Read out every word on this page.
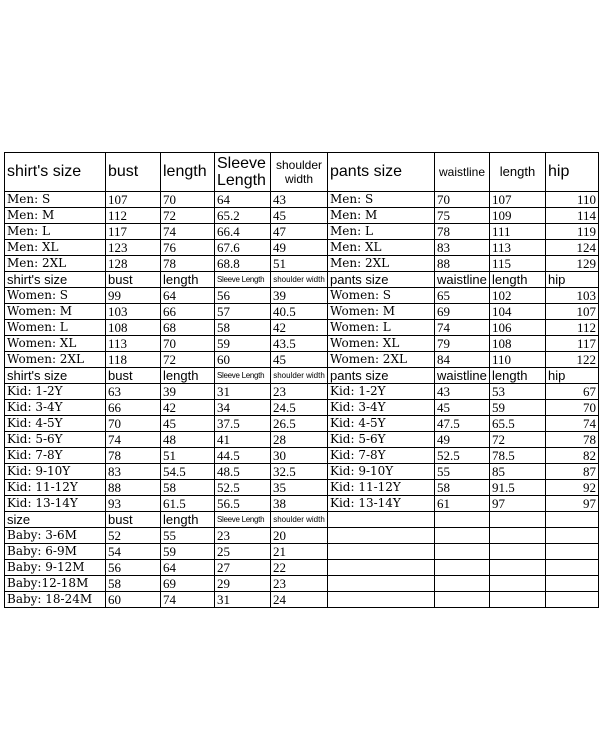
shirt's size	bust	length	Sleeve Length	shoulder width	pants size	waistline	length	hip
Men: S	107	70	64	43	Men: S	70	107	110
Men: M	112	72	65.2	45	Men: M	75	109	114
Men: L	117	74	66.4	47	Men: L	78	111	119
Men: XL	123	76	67.6	49	Men: XL	83	113	124
Men: 2XL	128	78	68.8	51	Men: 2XL	88	115	129
shirt's size	bust	length	Sleeve Length	shoulder width	pants size	waistline	length	hip
Women: S	99	64	56	39	Women: S	65	102	103
Women: M	103	66	57	40.5	Women: M	69	104	107
Women: L	108	68	58	42	Women: L	74	106	112
Women: XL	113	70	59	43.5	Women: XL	79	108	117
Women: 2XL	118	72	60	45	Women: 2XL	84	110	122
shirt's size	bust	length	Sleeve Length	shoulder width	pants size	waistline	length	hip
Kid: 1-2Y	63	39	31	23	Kid: 1-2Y	43	53	67
Kid: 3-4Y	66	42	34	24.5	Kid: 3-4Y	45	59	70
Kid: 4-5Y	70	45	37.5	26.5	Kid: 4-5Y	47.5	65.5	74
Kid: 5-6Y	74	48	41	28	Kid: 5-6Y	49	72	78
Kid: 7-8Y	78	51	44.5	30	Kid: 7-8Y	52.5	78.5	82
Kid: 9-10Y	83	54.5	48.5	32.5	Kid: 9-10Y	55	85	87
Kid: 11-12Y	88	58	52.5	35	Kid: 11-12Y	58	91.5	92
Kid: 13-14Y	93	61.5	56.5	38	Kid: 13-14Y	61	97	97
size	bust	length	Sleeve Length	shoulder width				
Baby: 3-6M	52	55	23	20				
Baby: 6-9M	54	59	25	21				
Baby: 9-12M	56	64	27	22				
Baby:12-18M	58	69	29	23				
Baby: 18-24M	60	74	31	24				
